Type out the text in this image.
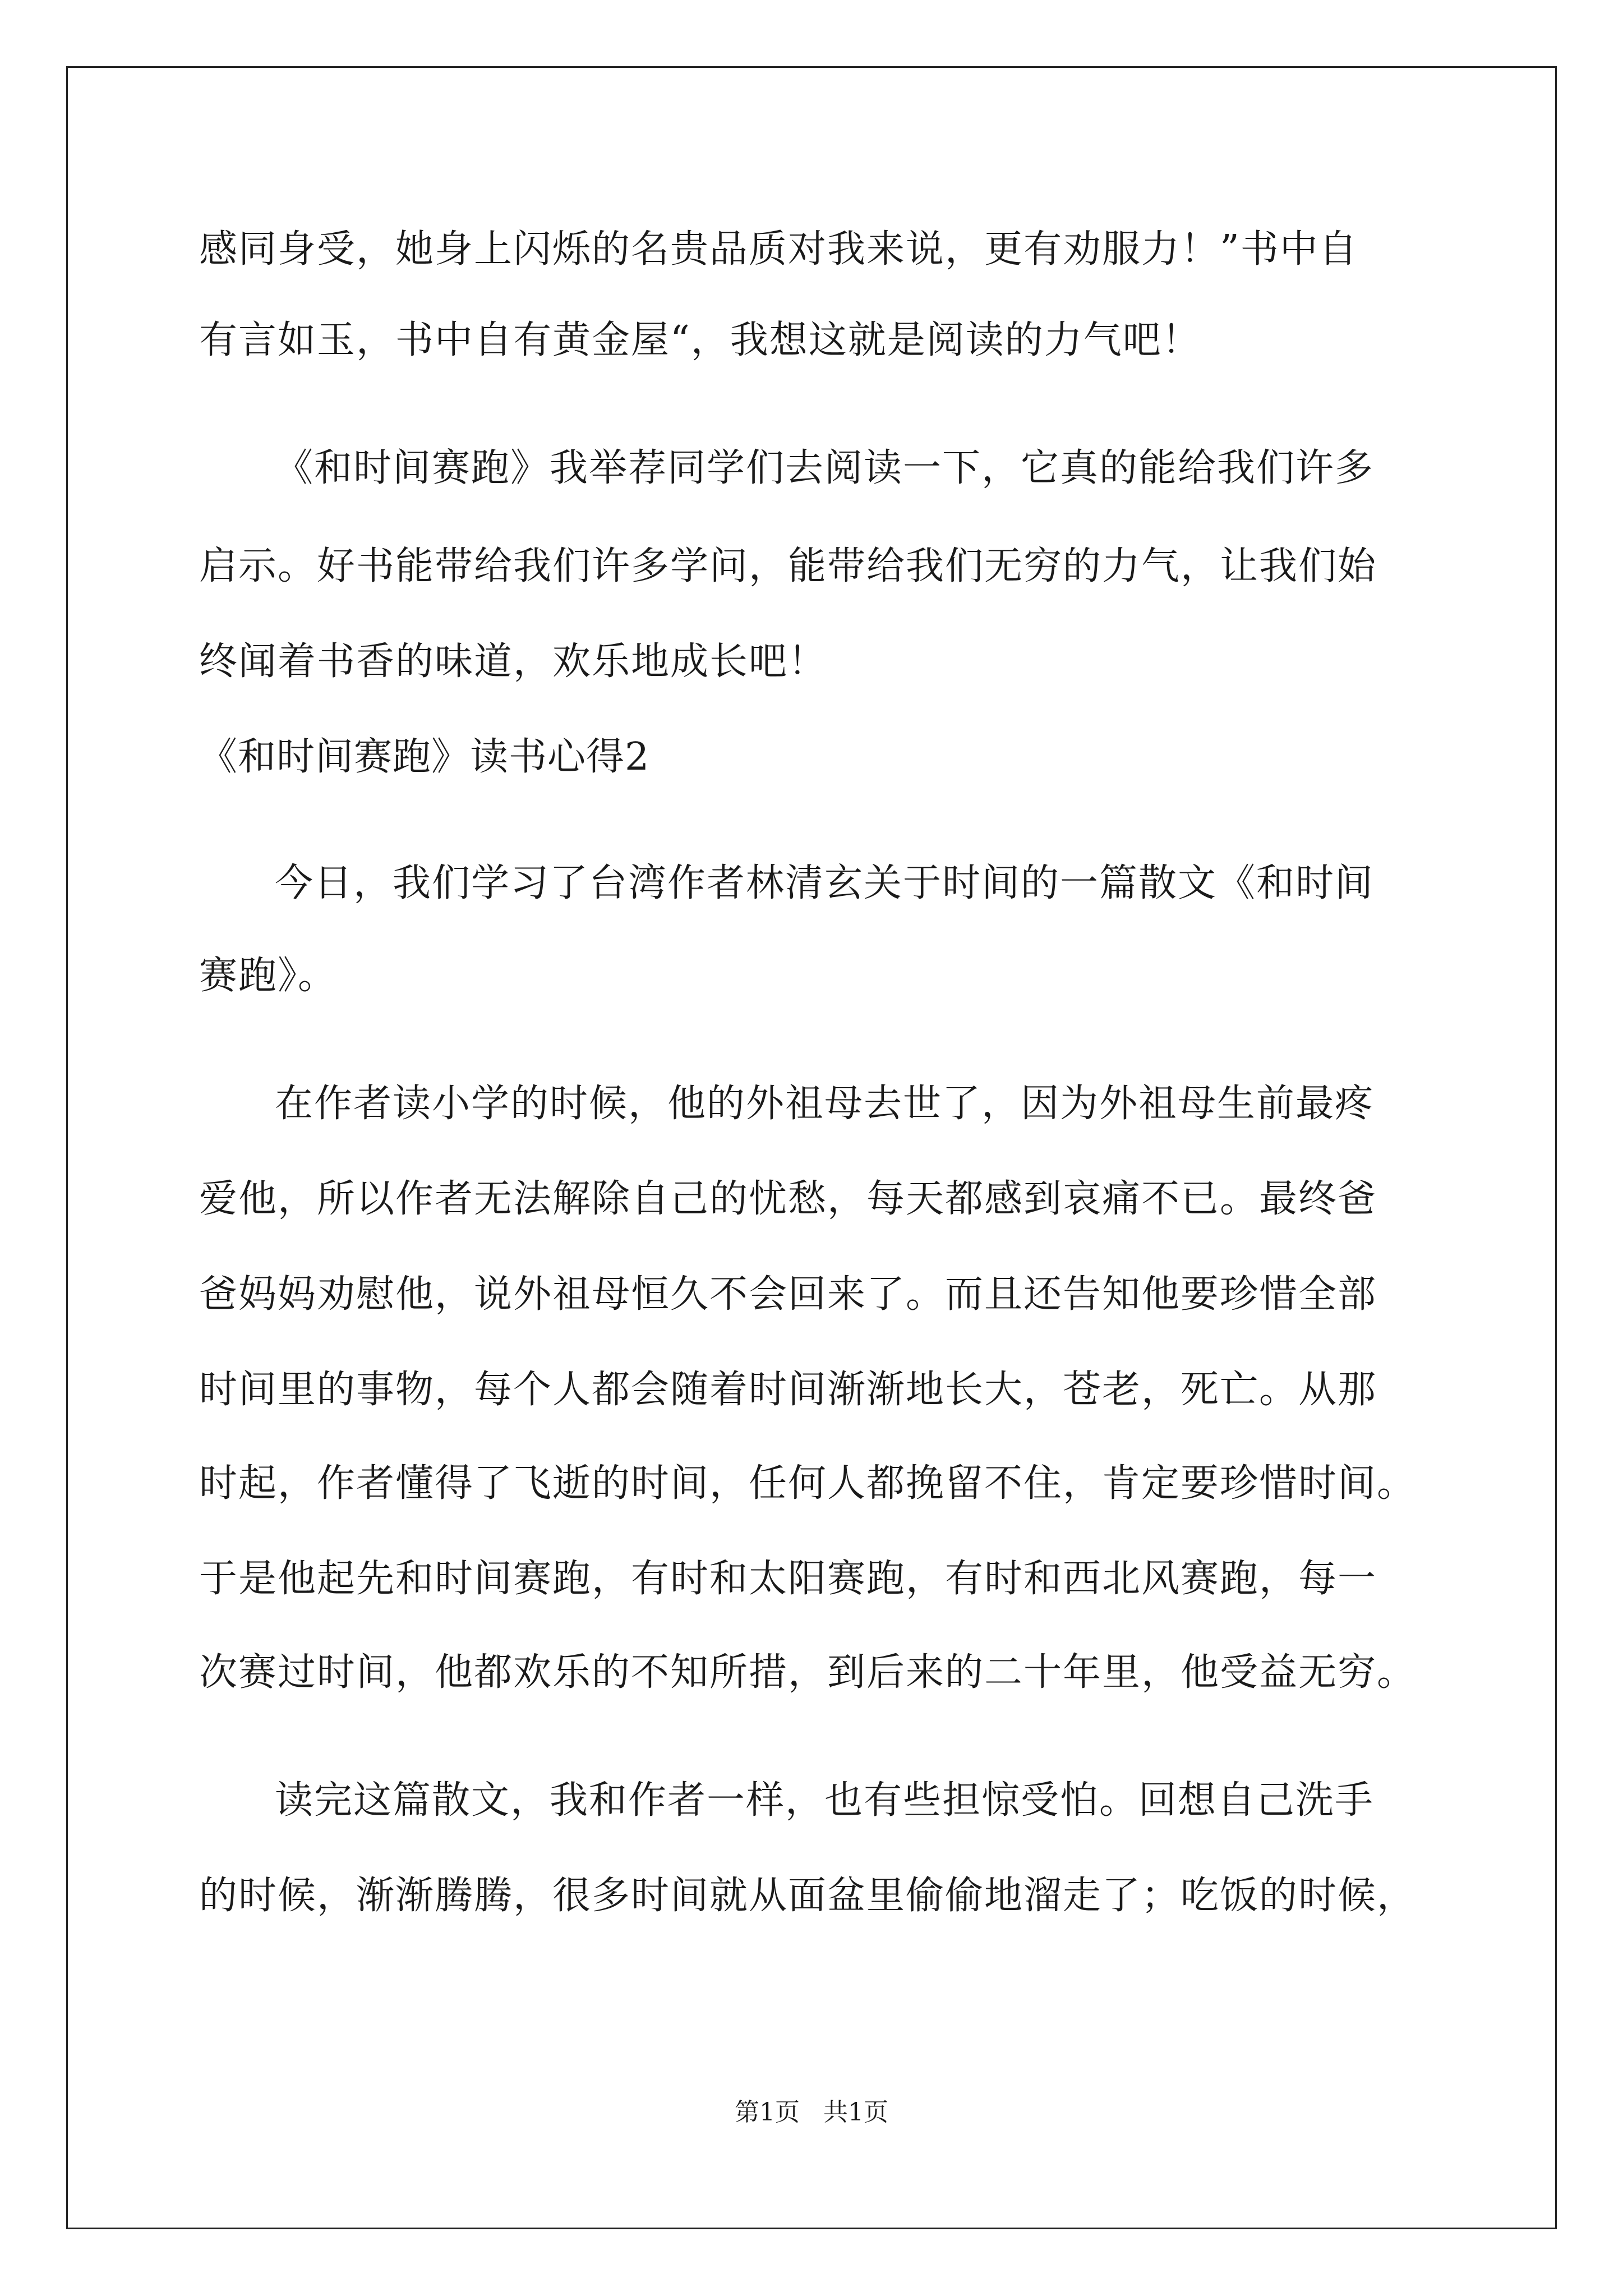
感同身受，她身上闪烁的名贵品质对我来说，更有劝服力！”书中自
有言如玉，书中自有黄金屋“，我想这就是阅读的力气吧！
《和时间赛跑》我举荐同学们去阅读一下，它真的能给我们许多
启示。好书能带给我们许多学问，能带给我们无穷的力气，让我们始
终闻着书香的味道，欢乐地成长吧！
《和时间赛跑》读书心得2
今日，我们学习了台湾作者林清玄关于时间的一篇散文《和时间
赛跑》。
在作者读小学的时候，他的外祖母去世了，因为外祖母生前最疼
爱他，所以作者无法解除自己的忧愁，每天都感到哀痛不已。最终爸
爸妈妈劝慰他，说外祖母恒久不会回来了。而且还告知他要珍惜全部
时间里的事物，每个人都会随着时间渐渐地长大，苍老，死亡。从那
时起，作者懂得了飞逝的时间，任何人都挽留不住，肯定要珍惜时间。
于是他起先和时间赛跑，有时和太阳赛跑，有时和西北风赛跑，每一
次赛过时间，他都欢乐的不知所措，到后来的二十年里，他受益无穷。
读完这篇散文，我和作者一样，也有些担惊受怕。回想自己洗手
的时候，渐渐腾腾，很多时间就从面盆里偷偷地溜走了；吃饭的时候，
第1页   共1页
